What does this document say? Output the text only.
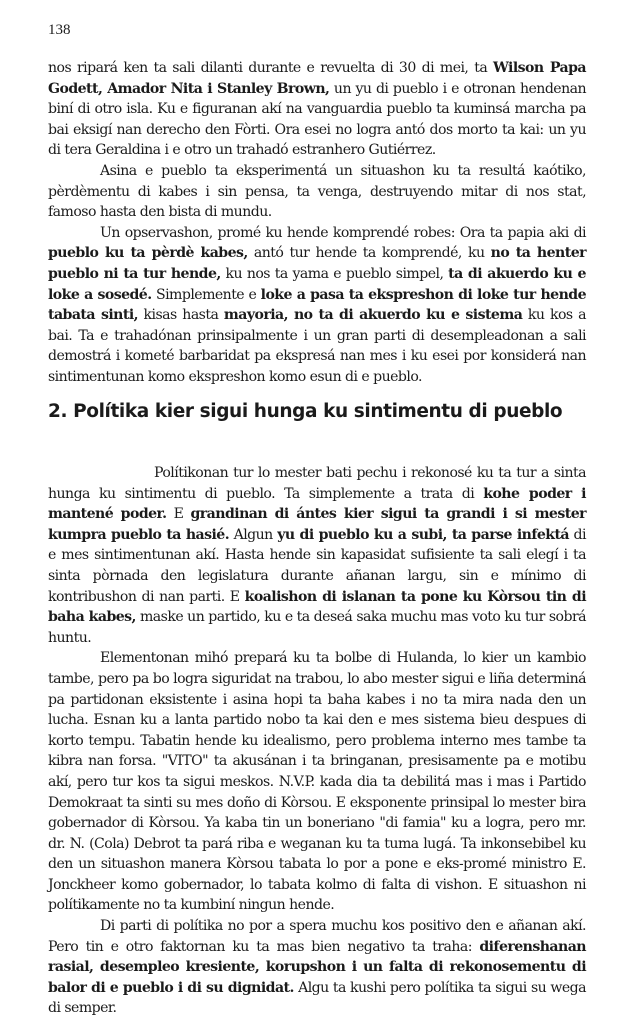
138

nos ripará ken ta sali dilanti durante e revuelta di 30 di mei, ta Wilson Papa Godett, Amador Nita i Stanley Brown, un yu di pueblo i e otronan hendenan biní di otro isla. Ku e figuranan akí na vanguardia pueblo ta kuminsá marcha pa bai eksigí nan derecho den Fòrti. Ora esei no logra antó dos morto ta kai: un yu di tera Geraldina i e otro un trahadó estranhero Gutiérrez.

Asina e pueblo ta eksperimentá un situashon ku ta resultá kaótiko, pèrdèmentu di kabes i sin pensa, ta venga, destruyendo mitar di nos stat, famoso hasta den bista di mundu.

Un opservashon, promé ku hende komprendé robes: Ora ta papia aki di pueblo ku ta pèrdè kabes, antó tur hende ta komprendé, ku no ta henter pueblo ni ta tur hende, ku nos ta yama e pueblo simpel, ta di akuerdo ku e loke a sosedé. Simplemente e loke a pasa ta ekspreshon di loke tur hende tabata sinti, kisas hasta mayoria, no ta di akuerdo ku e sistema ku kos a bai. Ta e trahadónan prinsipalmente i un gran parti di desempleadonan a sali demostrá i kometé barbaridat pa ekspresá nan mes i ku esei por konsiderá nan sintimentunan komo ekspreshon komo esun di e pueblo.

2. Polítika kier sigui hunga ku sintimentu di pueblo

Polítikonan tur lo mester bati pechu i rekonosé ku ta tur a sinta hunga ku sintimentu di pueblo. Ta simplemente a trata di kohe poder i mantené poder. E grandinan di ántes kier sigui ta grandi i si mester kumpra pueblo ta hasié. Algun yu di pueblo ku a subi, ta parse infektá di e mes sintimentunan akí. Hasta hende sin kapasidat sufisiente ta sali elegí i ta sinta pòrnada den legislatura durante añanan largu, sin e mínimo di kontribushon di nan parti. E koalishon di islanan ta pone ku Kòrsou tin di baha kabes, maske un partido, ku e ta deseá saka muchu mas voto ku tur sobrá huntu.

Elementonan mihó prepará ku ta bolbe di Hulanda, lo kier un kambio tambe, pero pa bo logra siguridat na trabou, lo abo mester sigui e liña determiná pa partidonan eksistente i asina hopi ta baha kabes i no ta mira nada den un lucha. Esnan ku a lanta partido nobo ta kai den e mes sistema bieu despues di korto tempu. Tabatin hende ku idealismo, pero problema interno mes tambe ta kibra nan forsa. "VITO" ta akusánan i ta bringanan, presisamente pa e motibu akí, pero tur kos ta sigui meskos. N.V.P. kada dia ta debilitá mas i mas i Partido Demokraat ta sinti su mes doño di Kòrsou. E eksponente prinsipal lo mester bira gobernador di Kòrsou. Ya kaba tin un boneriano "di famia" ku a logra, pero mr. dr. N. (Cola) Debrot ta pará riba e weganan ku ta tuma lugá. Ta inkonsebibel ku den un situashon manera Kòrsou tabata lo por a pone e eks-promé ministro E. Jonckheer komo gobernador, lo tabata kolmo di falta di vishon. E situashon ni polítikamente no ta kumbiní ningun hende.

Di parti di polítika no por a spera muchu kos positivo den e añanan akí. Pero tin e otro faktornan ku ta mas bien negativo ta traha: diferenshanan rasial, desempleo kresiente, korupshon i un falta di rekonosementu di balor di e pueblo i di su dignidat. Algu ta kushi pero polítika ta sigui su wega di semper.
